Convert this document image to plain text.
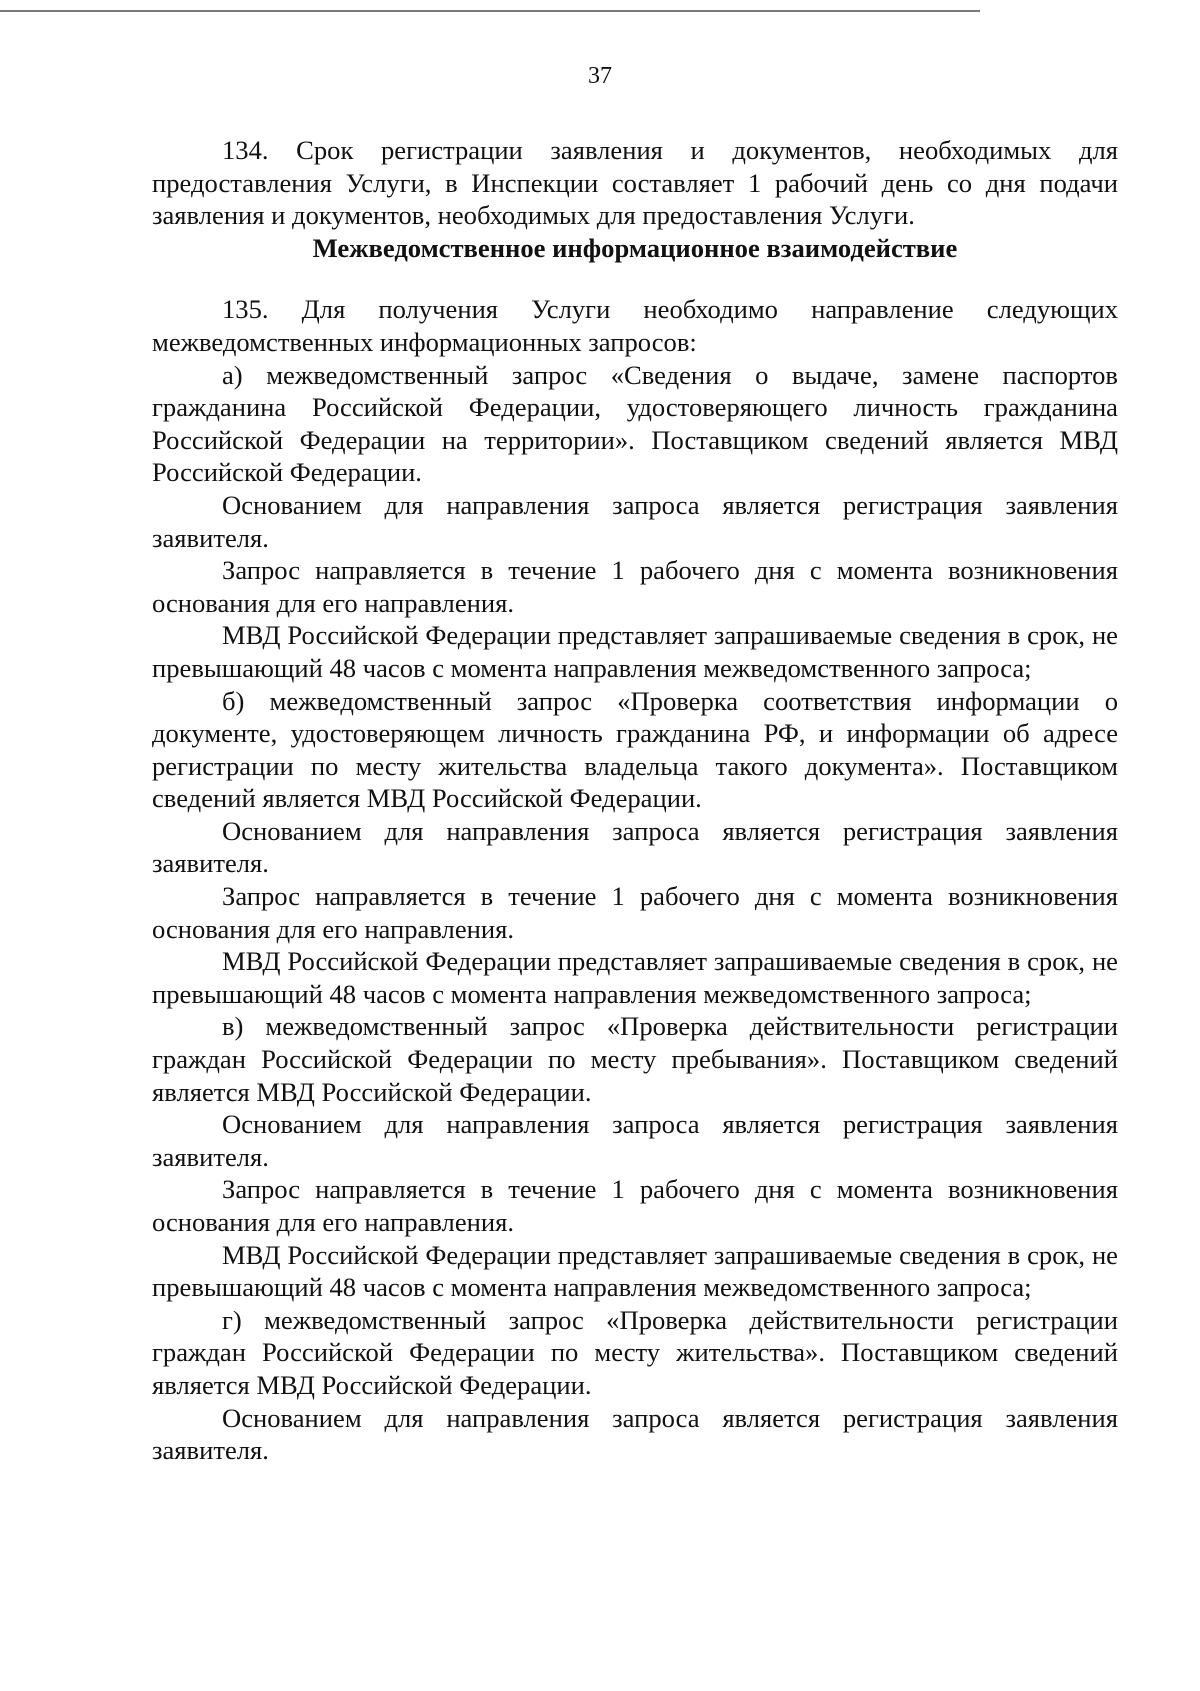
37

134. Срок регистрации заявления и документов, необходимых для предоставления Услуги, в Инспекции составляет 1 рабочий день со дня подачи заявления и документов, необходимых для предоставления Услуги.

Межведомственное информационное взаимодействие

135. Для получения Услуги необходимо направление следующих межведомственных информационных запросов:

а) межведомственный запрос «Сведения о выдаче, замене паспортов гражданина Российской Федерации, удостоверяющего личность гражданина Российской Федерации на территории». Поставщиком сведений является МВД Российской Федерации.

Основанием для направления запроса является регистрация заявления заявителя.

Запрос направляется в течение 1 рабочего дня с момента возникновения основания для его направления.

МВД Российской Федерации представляет запрашиваемые сведения в срок, не превышающий 48 часов с момента направления межведомственного запроса;

б) межведомственный запрос «Проверка соответствия информации о документе, удостоверяющем личность гражданина РФ, и информации об адресе регистрации по месту жительства владельца такого документа». Поставщиком сведений является МВД Российской Федерации.

Основанием для направления запроса является регистрация заявления заявителя.

Запрос направляется в течение 1 рабочего дня с момента возникновения основания для его направления.

МВД Российской Федерации представляет запрашиваемые сведения в срок, не превышающий 48 часов с момента направления межведомственного запроса;

в) межведомственный запрос «Проверка действительности регистрации граждан Российской Федерации по месту пребывания». Поставщиком сведений является МВД Российской Федерации.

Основанием для направления запроса является регистрация заявления заявителя.

Запрос направляется в течение 1 рабочего дня с момента возникновения основания для его направления.

МВД Российской Федерации представляет запрашиваемые сведения в срок, не превышающий 48 часов с момента направления межведомственного запроса;

г) межведомственный запрос «Проверка действительности регистрации граждан Российской Федерации по месту жительства». Поставщиком сведений является МВД Российской Федерации.

Основанием для направления запроса является регистрация заявления заявителя.
